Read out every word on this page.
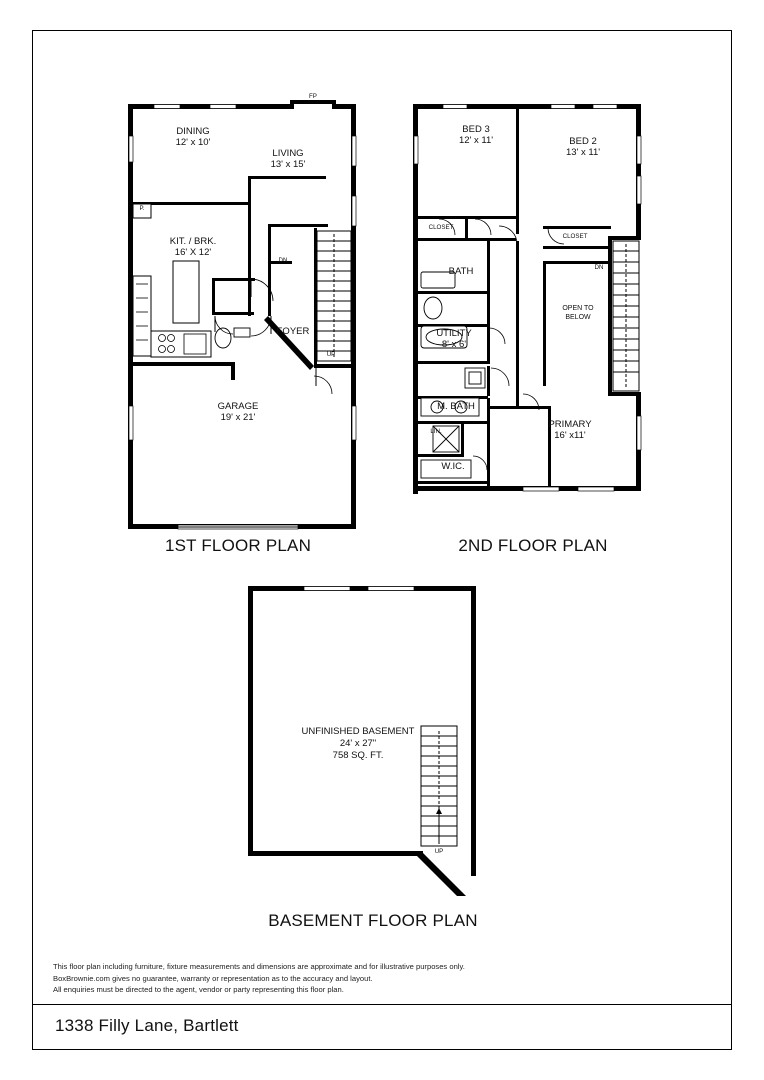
DINING
12' x 10'
LIVING
13' x 15'
KIT. / BRK.
16' X 12'
FOYER
GARAGE
19' x 21'
FP
P.
DN
UP
1ST FLOOR PLAN
BED 3
12' x 11'	BED 2
13' x 11'
BATH
UTILITY
8' x 6'
M. BATH
W.IC.
PRIMARY
16' x11'
CLOSET
CLOSET
DN
OPEN TO
BELOW
LIN.
2ND FLOOR PLAN
UNFINISHED BASEMENT
24' x 27"
758 SQ. FT.
UP
BASEMENT FLOOR PLAN
This floor plan including furniture, fixture measurements and dimensions are approximate and for illustrative purposes only.
BoxBrownie.com gives no guarantee, warranty or representation as to the accuracy and layout.
All enquiries must be directed to the agent, vendor or party representing this floor plan.
1338 Filly Lane, Bartlett
